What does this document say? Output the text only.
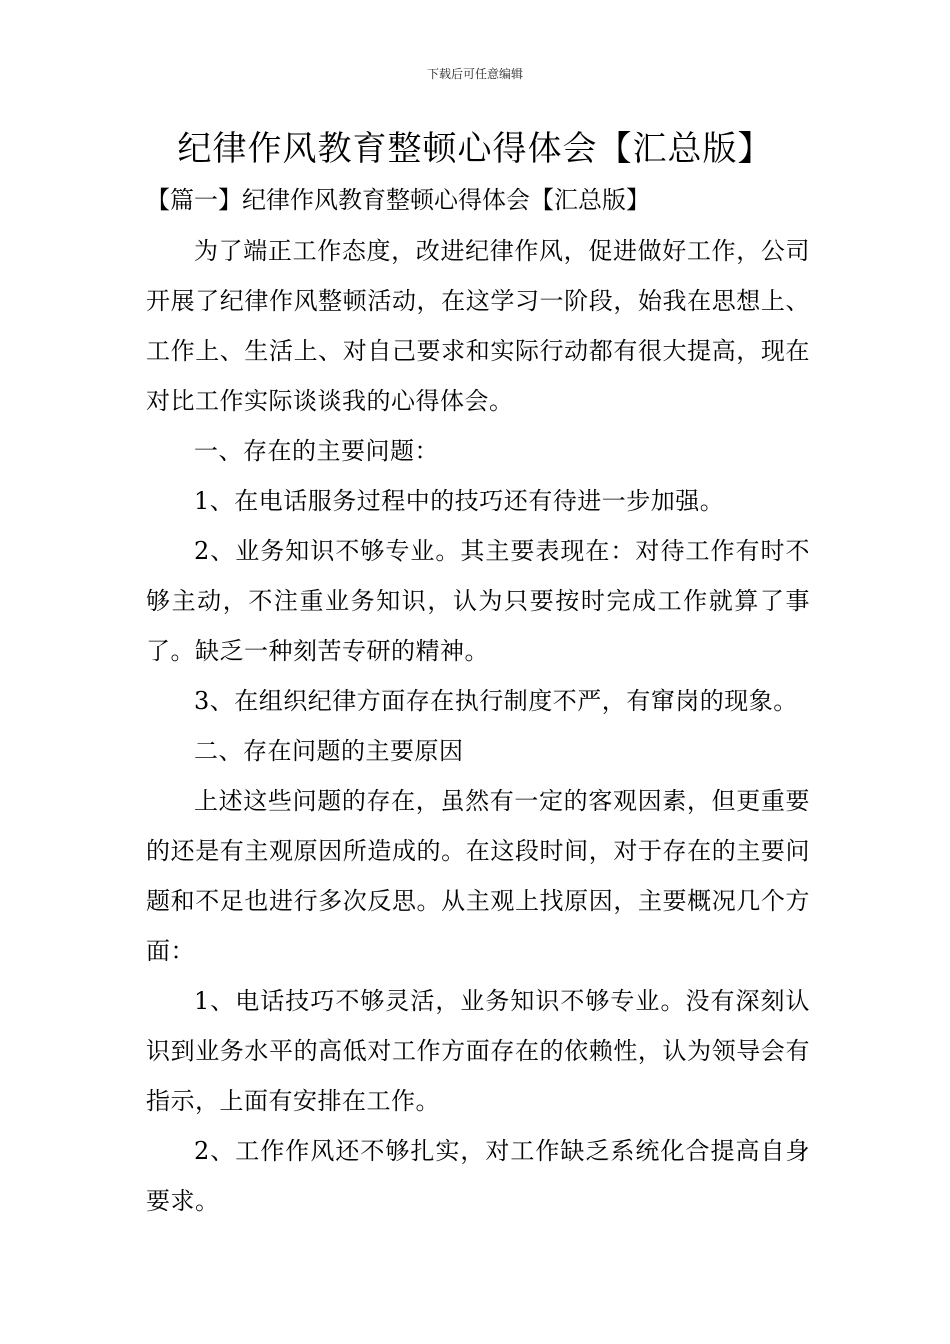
下载后可任意编辑
纪律作风教育整顿心得体会【汇总版】
【篇一】纪律作风教育整顿心得体会【汇总版】

为了端正工作态度，改进纪律作风，促进做好工作，公司开展了纪律作风整顿活动，在这学习一阶段，始我在思想上、工作上、生活上、对自己要求和实际行动都有很大提高，现在对比工作实际谈谈我的心得体会。

一、存在的主要问题：

1、在电话服务过程中的技巧还有待进一步加强。

2、业务知识不够专业。其主要表现在：对待工作有时不够主动，不注重业务知识，认为只要按时完成工作就算了事了。缺乏一种刻苦专研的精神。

3、在组织纪律方面存在执行制度不严，有窜岗的现象。

二、存在问题的主要原因

上述这些问题的存在，虽然有一定的客观因素，但更重要的还是有主观原因所造成的。在这段时间，对于存在的主要问题和不足也进行多次反思。从主观上找原因，主要概况几个方面：

1、电话技巧不够灵活，业务知识不够专业。没有深刻认识到业务水平的高低对工作方面存在的依赖性，认为领导会有指示，上面有安排在工作。

2、工作作风还不够扎实，对工作缺乏系统化合提高自身要求。
